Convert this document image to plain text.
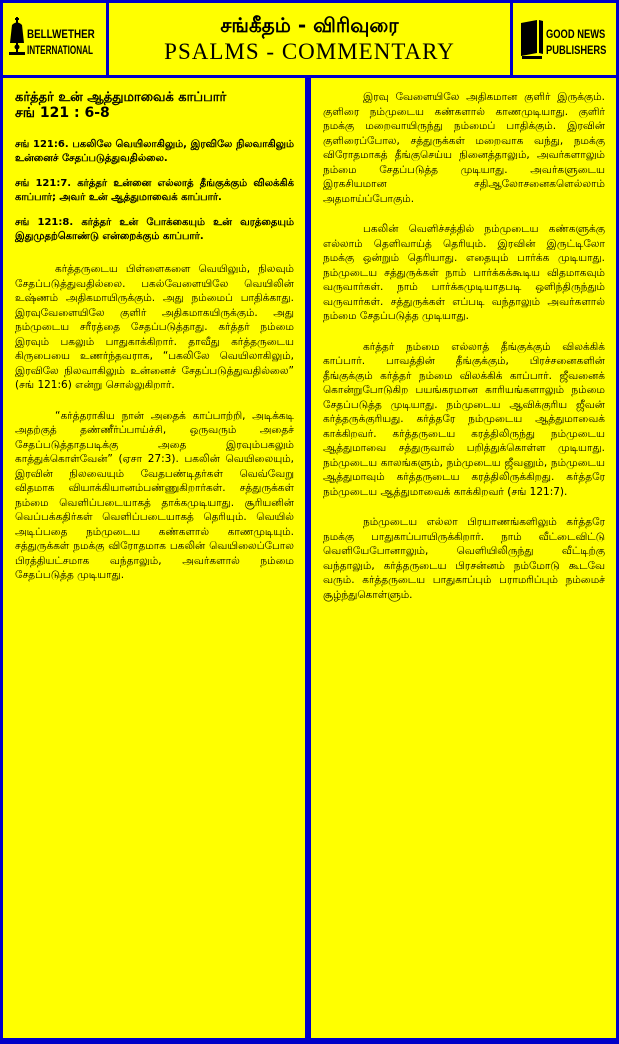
BELLWETHER
INTERNATIONAL
சங்கீதம் - விரிவுரை
PSALMS - COMMENTARY
GOOD NEWS
PUBLISHERS
கர்த்தர் உன் ஆத்துமாவைக் காப்பார்
சங் 121 : 6-8

சங் 121:6. பகலிலே வெயிலாகிலும், இரவிலே நிலவாகிலும் உன்னைச் சேதப்படுத்துவதில்லை.

சங் 121:7. கர்த்தர் உன்னை எல்லாத் தீங்குக்கும் விலக்கிக் காப்பார்; அவர் உன் ஆத்துமாவைக் காப்பார்.

சங் 121:8. கர்த்தர் உன் போக்கையும் உன் வரத்தையும் இதுமுதற்கொண்டு என்றைக்கும் காப்பார்.

கர்த்தருடைய பிள்ளைகளை வெயிலும், நிலவும் சேதப்படுத்துவதில்லை. பகல்வேளையிலே வெயிலின் உஷ்ணம் அதிகமாயிருக்கும். அது நம்மைப் பாதிக்காது. இரவுவேளையிலே குளிர் அதிகமாகயிருக்கும். அது நம்முடைய சரீரத்தை சேதப்படுத்தாது. கர்த்தர் நம்மை இரவும் பகலும் பாதுகாக்கிறார். தாவீது கர்த்தருடைய கிருபையை உணர்ந்தவராக, “பகலிலே வெயிலாகிலும், இரவிலே நிலவாகிலும் உன்னைச் சேதப்படுத்துவதில்லை” (சங் 121:6) என்று சொல்லுகிறார்.

“கர்த்தராகிய நான் அதைக் காப்பாற்றி, அடிக்கடி அதற்குத் தண்ணீர்ப்பாய்ச்சி, ஒருவரும் அதைச் சேதப்படுத்தாதபடிக்கு அதை இரவும்பகலும் காத்துக்கொள்வேன்” (ஏசா 27:3). பகலின் வெயிலையும், இரவின் நிலவையும் வேதபண்டிதர்கள் வெவ்வேறு விதமாக வியாக்கியானம்பண்ணுகிறார்கள். சத்துருக்கள் நம்மை வெளிப்படையாகத் தாக்கமுடியாது. சூரியனின் வெப்பக்கதிர்கள் வெளிப்படையாகத் தெரியும். வெயில் அடிப்பதை நம்முடைய கண்களால் காணமுடியும். சத்துருக்கள் நமக்கு விரோதமாக பகலின் வெயிலைப்போல பிரத்தியட்சமாக வந்தாலும், அவர்களால் நம்மை சேதப்படுத்த முடியாது.

இரவு வேளையிலே அதிகமான குளிர் இருக்கும். குளிரை நம்முடைய கண்களால் காணமுடியாது. குளிர் நமக்கு மறைவாயிருந்து நம்மைப் பாதிக்கும். இரவின் குளிரைப்போல, சத்துருக்கள் மறைவாக வந்து, நமக்கு விரோதமாகத் தீங்குசெய்ய நினைத்தாலும், அவர்களாலும் நம்மை சேதப்படுத்த முடியாது. அவர்களுடைய இரகசியமான சதிஆலோசனைகளெல்லாம் அதமாய்ப்போகும்.

பகலின் வெளிச்சத்தில் நம்முடைய கண்களுக்கு எல்லாம் தெளிவாய்த் தெரியும். இரவின் இருட்டிலோ நமக்கு ஒன்றும் தெரியாது. எதையும் பார்க்க முடியாது. நம்முடைய சத்துருக்கள் நாம் பார்க்கக்கூடிய விதமாகவும் வருவார்கள். நாம் பார்க்கமுடியாதபடி ஒளிந்திருந்தும் வருவார்கள். சத்துருக்கள் எப்படி வந்தாலும் அவர்களால் நம்மை சேதப்படுத்த முடியாது.

கர்த்தர் நம்மை எல்லாத் தீங்குக்கும் விலக்கிக் காப்பார். பாவத்தின் தீங்குக்கும், பிரச்சனைகளின் தீங்குக்கும் கர்த்தர் நம்மை விலக்கிக் காப்பார். ஜீவனைக் கொன்றுபோடுகிற பயங்கரமான காரியங்களாலும் நம்மை சேதப்படுத்த முடியாது. நம்முடைய ஆவிக்குரிய ஜீவன் கர்த்தருக்குரியது. கர்த்தரே நம்முடைய ஆத்துமாவைக் காக்கிறவர். கர்த்தருடைய கரத்திலிருந்து நம்முடைய ஆத்துமாவை சத்துருவால் பறித்துக்கொள்ள முடியாது. நம்முடைய காலங்களும், நம்முடைய ஜீவனும், நம்முடைய ஆத்துமாவும் கர்த்தருடைய கரத்திலிருக்கிறது. கர்த்தரே நம்முடைய ஆத்துமாவைக் காக்கிறவர் (சங் 121:7).

நம்முடைய எல்லா பிரயாணங்களிலும் கர்த்தரே நமக்கு பாதுகாப்பாயிருக்கிறார். நாம் வீட்டைவிட்டு வெளியேபோனாலும், வெளியிலிருந்து வீட்டிற்கு வந்தாலும், கர்த்தருடைய பிரசன்னம் நம்மோடு கூடவே வரும். கர்த்தருடைய பாதுகாப்பும் பராமரிப்பும் நம்மைச் சூழ்ந்துகொள்ளும்.
